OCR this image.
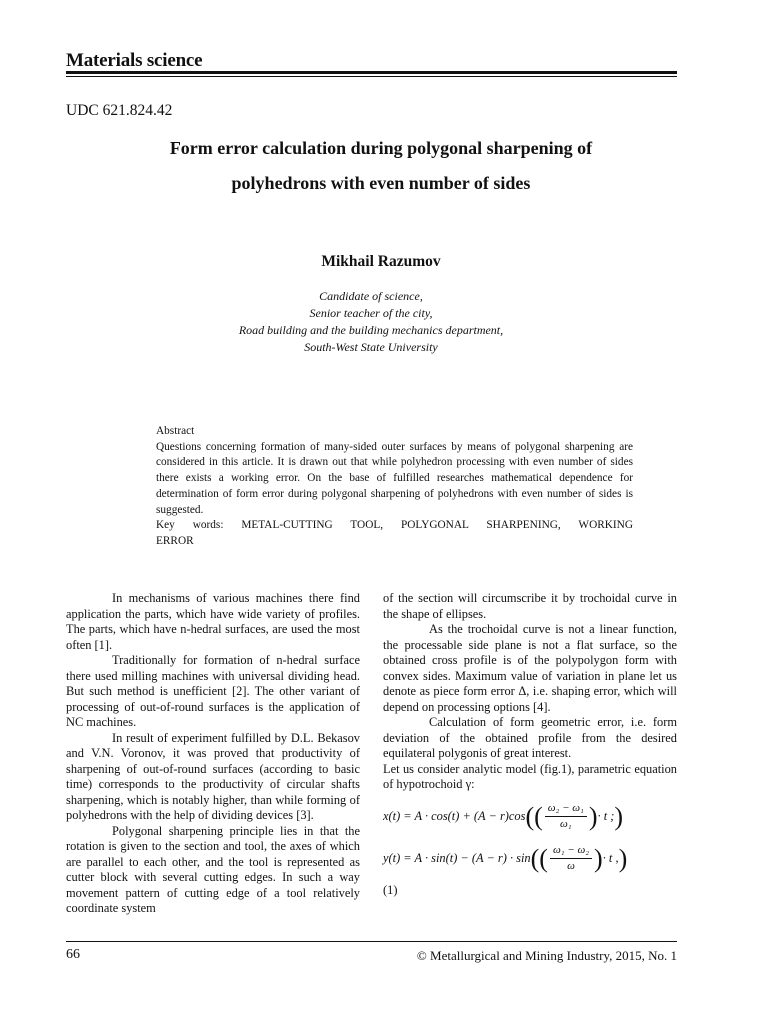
Materials science
UDC 621.824.42
Form error calculation during polygonal sharpening of
polyhedrons with even number of sides
Mikhail Razumov
Candidate of science,
Senior teacher of the city,
Road building and the building mechanics department,
South-West State University

Abstract

Questions concerning formation of many-sided outer surfaces by means of polygonal sharpening are considered in this article. It is drawn out that while polyhedron processing with even number of sides there exists a working error. On the base of fulfilled researches mathematical dependence for determination of form error during polygonal sharpening of polyhedrons with even number of sides is suggested.

Key words: METAL-CUTTING TOOL, POLYGONAL SHARPENING, WORKING

ERROR

In mechanisms of various machines there find application the parts, which have wide variety of profiles. The parts, which have n-hedral surfaces, are used the most often [1].

Traditionally for formation of n-hedral surface there used milling machines with universal dividing head. But such method is unefficient [2]. The other variant of processing of out-of-round surfaces is the application of NC machines.

In result of experiment fulfilled by D.L. Bekasov and V.N. Voronov, it was proved that productivity of sharpening of out-of-round surfaces (according to basic time) corresponds to the productivity of circular shafts sharpening, which is notably higher, than while forming of polyhedrons with the help of dividing devices [3].

Polygonal sharpening principle lies in that the rotation is given to the section and tool, the axes of which are parallel to each other, and the tool is represented as cutter block with several cutting edges. In such a way movement pattern of cutting edge of a tool relatively coordinate system

of the section will circumscribe it by trochoidal curve in the shape of ellipses.

As the trochoidal curve is not a linear function, the processable side plane is not a flat surface, so the obtained cross profile is of the polypolygon form with convex sides. Maximum value of variation in plane let us denote as piece form error Δ, i.e. shaping error, which will depend on processing options [4].

Calculation of form geometric error, i.e. form deviation of the obtained profile from the desired equilateral polygonis of great interest.

Let us consider analytic model (fig.1), parametric equation of hypotrochoid γ:

$x(t) = A \cdot \cos(t) + (A - r)\cos(( \frac{\text{ω₂ − ω₁}}{\text{ω₁}}$ )· t ;)
$y(t) = A \cdot \sin(t) - (A - r) \cdot \sin(( \frac{\text{ω₁ − ω₂}}{\omega}$ )· t ,)
(1)
66	© Metallurgical and Mining Industry, 2015, No. 1
